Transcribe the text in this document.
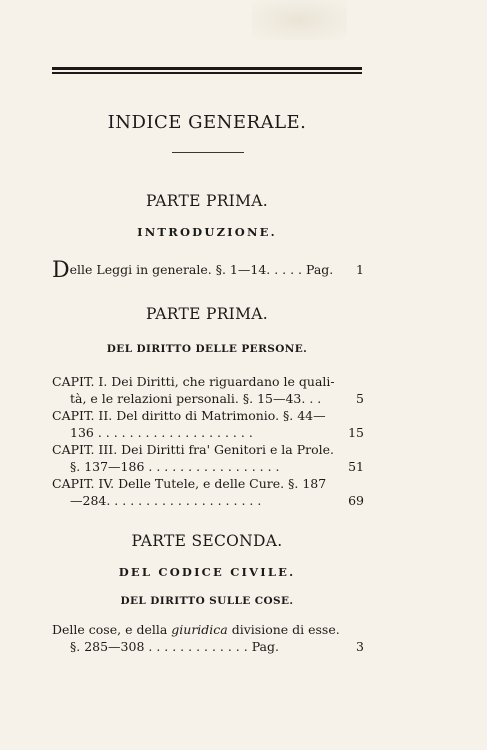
INDICE GENERALE.
PARTE PRIMA.
INTRODUZIONE.
Delle Leggi in generale. §. 1—14. . . . . Pag. 1
PARTE PRIMA.
DEL DIRITTO DELLE PERSONE.
CAPIT. I. Dei Diritti, che riguardano le quali-
tà, e le relazioni personali. §. 15—43. . .	5
CAPIT. II. Del diritto di Matrimonio. §. 44—
136 . . . . . . . . . . . . . . . . . . . .	15
CAPIT. III. Dei Diritti fra' Genitori e la Prole.
§. 137—186 . . . . . . . . . . . . . . . . .	51
CAPIT. IV. Delle Tutele, e delle Cure. §. 187
—284. . . . . . . . . . . . . . . . . . . .	69
PARTE SECONDA.
DEL CODICE CIVILE.
DEL DIRITTO SULLE COSE.
Delle cose, e della giuridica divisione di esse.
§. 285—308 . . . . . . . . . . . . . Pag.	3
